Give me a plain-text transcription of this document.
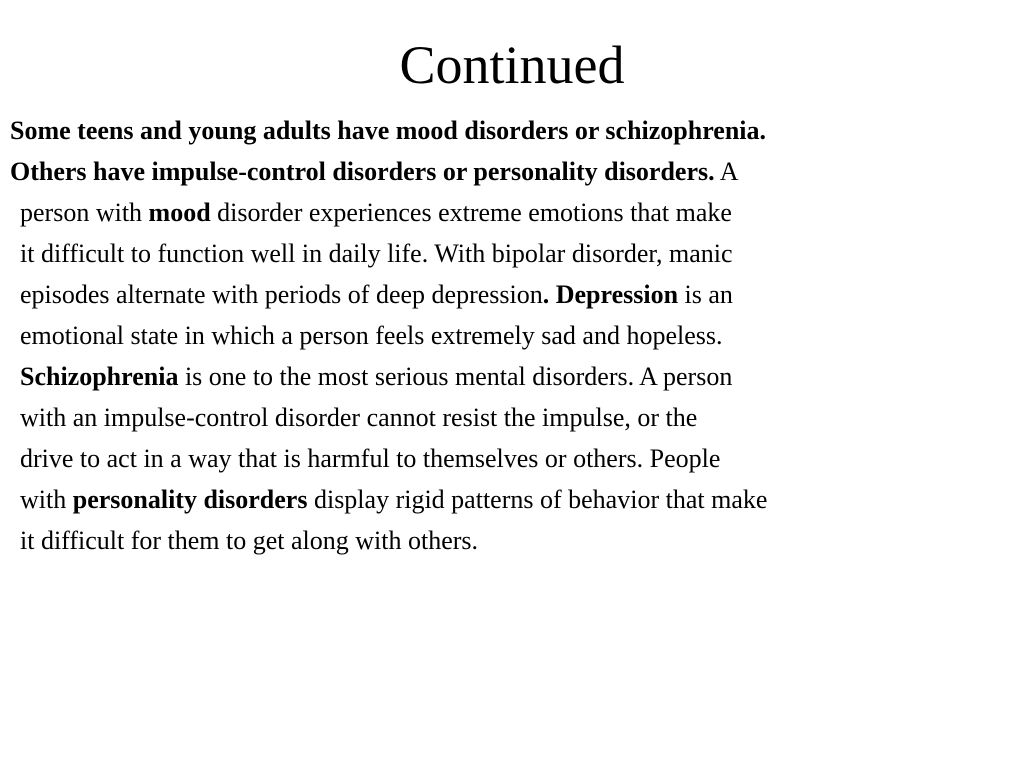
Continued
Some teens and young adults have mood disorders or schizophrenia.
Others have impulse-control disorders or personality disorders. A
person with mood disorder experiences extreme emotions that make
it difficult to function well in daily life. With bipolar disorder, manic
episodes alternate with periods of deep depression. Depression is an
emotional state in which a person feels extremely sad and hopeless.
Schizophrenia is one to the most serious mental disorders. A person
with an impulse-control disorder cannot resist the impulse, or the
drive to act in a way that is harmful to themselves or others. People
with personality disorders display rigid patterns of behavior that make
it difficult for them to get along with others.
